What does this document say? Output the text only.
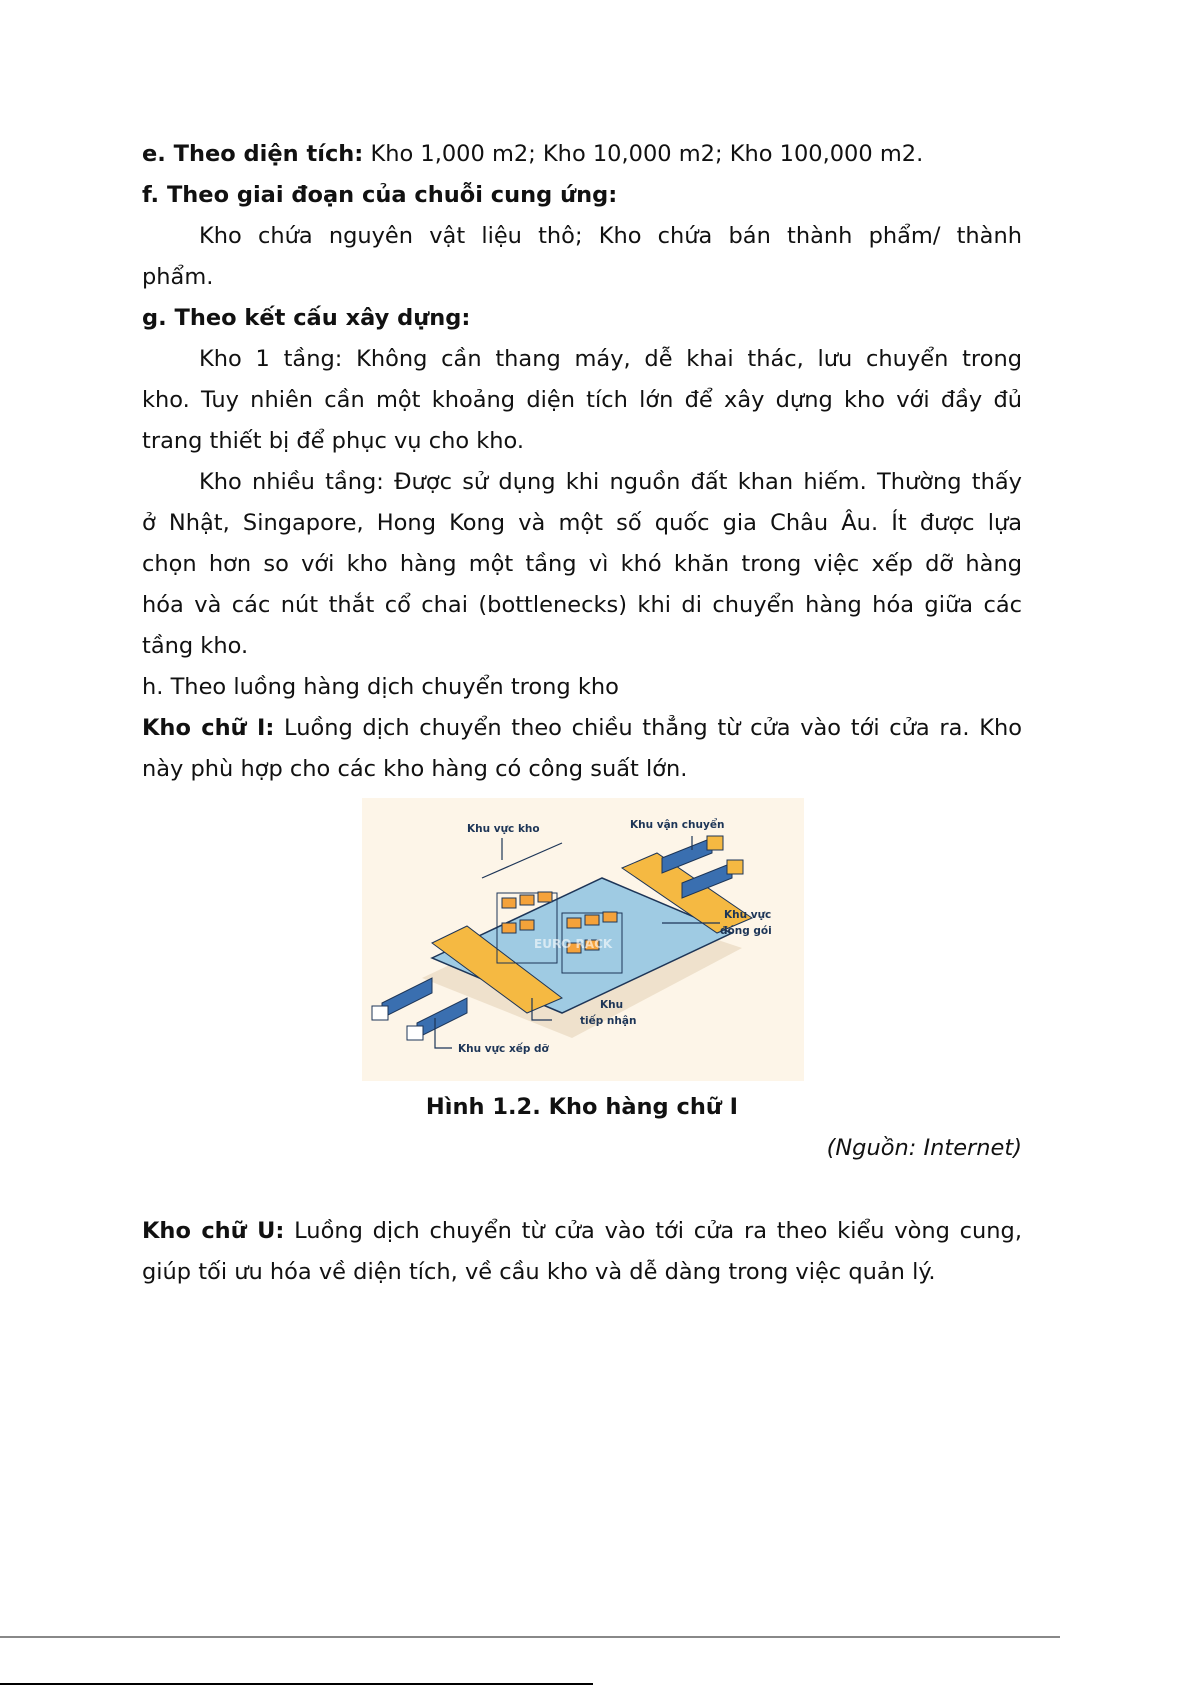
e. Theo diện tích: Kho 1,000 m2; Kho 10,000 m2; Kho 100,000 m2.
f. Theo giai đoạn của chuỗi cung ứng:
Kho chứa nguyên vật liệu thô; Kho chứa bán thành phẩm/ thành
phẩm.
g. Theo kết cấu xây dựng:
Kho 1 tầng: Không cần thang máy, dễ khai thác, lưu chuyển trong
kho. Tuy nhiên cần một khoảng diện tích lớn để xây dựng kho với đầy đủ
trang thiết bị để phục vụ cho kho.
Kho nhiều tầng: Được sử dụng khi nguồn đất khan hiếm. Thường thấy
ở Nhật, Singapore, Hong Kong và một số quốc gia Châu Âu. Ít được lựa
chọn hơn so với kho hàng một tầng vì khó khăn trong việc xếp dỡ hàng
hóa và các nút thắt cổ chai (bottlenecks) khi di chuyển hàng hóa giữa các
tầng kho.
h. Theo luồng hàng dịch chuyển trong kho
Kho chữ I: Luồng dịch chuyển theo chiều thẳng từ cửa vào tới cửa ra. Kho
này phù hợp cho các kho hàng có công suất lớn.
EURO RACK
Khu vực kho	Khu vận chuyển
Khu vực
đóng gói
Khu
tiếp nhận
Khu vực xếp dỡ
Hình 1.2. Kho hàng chữ I
(Nguồn: Internet)
Kho chữ U: Luồng dịch chuyển từ cửa vào tới cửa ra theo kiểu vòng cung,
giúp tối ưu hóa về diện tích, về cầu kho và dễ dàng trong việc quản lý.
